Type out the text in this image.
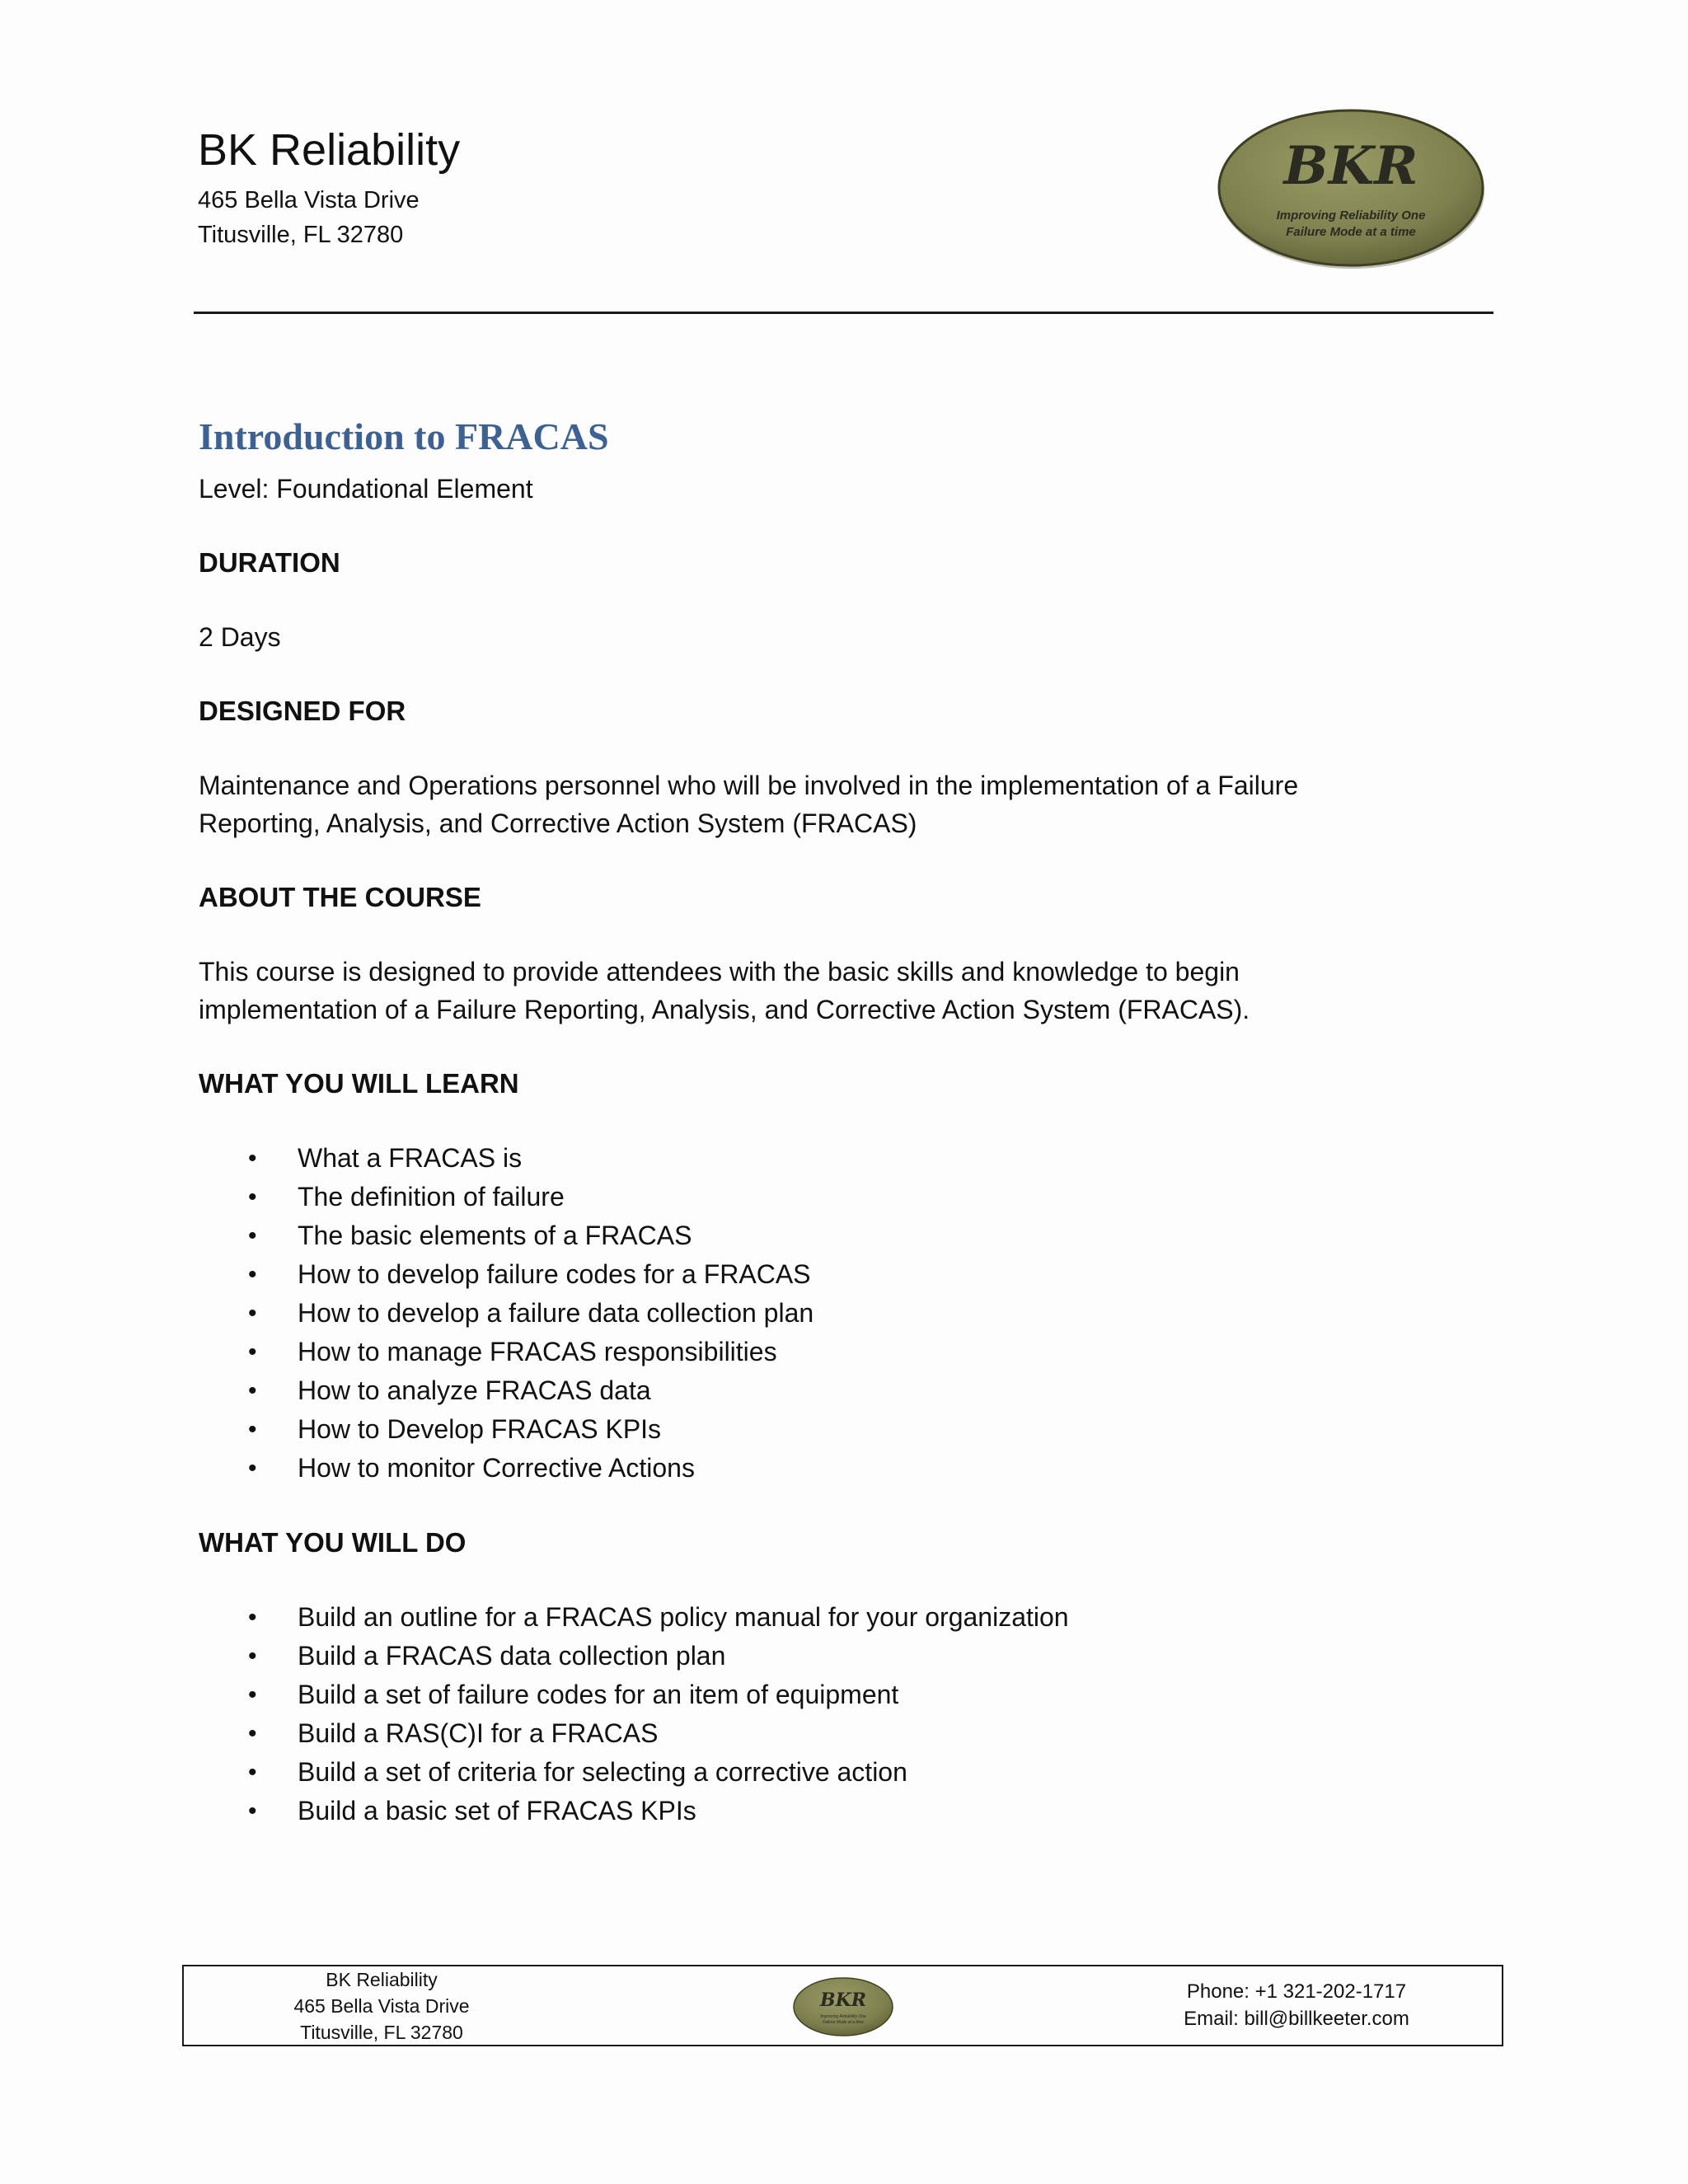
BK Reliability
465 Bella Vista Drive
Titusville, FL 32780
BKR
Improving Reliability One
Failure Mode at a time
Introduction to FRACAS
Level: Foundational Element
DURATION
2 Days
DESIGNED FOR
Maintenance and Operations personnel who will be involved in the implementation of a Failure Reporting, Analysis, and Corrective Action System (FRACAS)
ABOUT THE COURSE
This course is designed to provide attendees with the basic skills and knowledge to begin implementation of a Failure Reporting, Analysis, and Corrective Action System (FRACAS).
WHAT YOU WILL LEARN
• What a FRACAS is
• The definition of failure
• The basic elements of a FRACAS
• How to develop failure codes for a FRACAS
• How to develop a failure data collection plan
• How to manage FRACAS responsibilities
• How to analyze FRACAS data
• How to Develop FRACAS KPIs
• How to monitor Corrective Actions
WHAT YOU WILL DO
• Build an outline for a FRACAS policy manual for your organization
• Build a FRACAS data collection plan
• Build a set of failure codes for an item of equipment
• Build a RAS(C)I for a FRACAS
• Build a set of criteria for selecting a corrective action
• Build a basic set of FRACAS KPIs
BK Reliability
465 Bella Vista Drive
Titusville, FL 32780
BKR
Improving Reliability One
Failure Mode at a time
Phone: +1 321-202-1717
Email: bill@billkeeter.com
